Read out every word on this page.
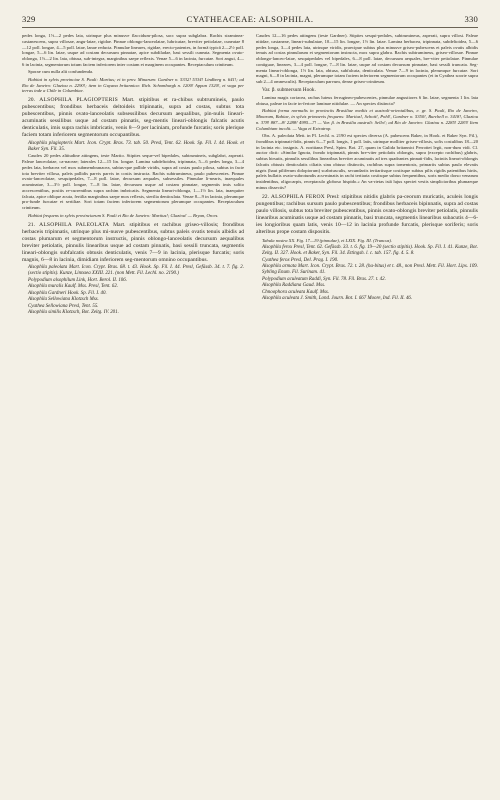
329	CYATHEACEAE: ALSOPHILA.	330

pedes longa, 1½—2 pedes lata, utrinque plus minusve flaccidum-pilosa, sacc supra subglabra. Rachis straminea-castanescens, supra villosae, angu-latae, rigidae. Pinnae oblongo-lanceolatae, lubricatae, breviter petiolatae, cuneatae 8—12 poll. longae, 4—5 poll. latae, lanae reducta. Pinnulae lineares, rigidae, erecto-patentes, in formā typicā 2—2½ poll. longae, 5—6 lin. latae, usque ad costam decursum pinnatae, apice subdiladae, basi sessili cuneata. Segmenta ovato-oblonga, 1½—2 lin. lata, obtusa, sub-integra, marginibus saepe reflexis. Venae 5—6 in lacinia, furcatae. Sori angui, 4—6 in lacinia, segmentorum totum faciem inferiorem inter costam et marginem occupantes. Receptaculum criniteum.

Sporae cum nulla alii confundenda.

Habitat in sylvis provinciae S. Pauli: Martius; et in prov. Minarum: Gardner n. 5332! 5334! Lindberg n. 641!; ad Rio de Janeiro: Glaziou n. 2290!; item in Guyana britannica: Rich. Schomburgk n. 1200! Appun 1320!, et vaga per terras inde a Chile in Columbiae.

20. ALSOPHILA PLAGIOPTERIS Mart. stipitibus et ra-chibus subtrumineis, paulo pubescentibus; frondibus herbaceis deltoideis tripinnatis, supra ad costas, subtus tota pubescentibus, pinnis ovato-lanceolatis subsessilibus decursum aequalibus, pin-nulis lineari-acuminatis sessilibus usque ad costam pinnatis, seg-mentis lineari-oblongis falcatis acutis denticulatis, imis supra rachis imbricatis, venis 8—9 per laciniam, profunde furcatis; soris plerique faciem totam inferiorem segmentorum occupantibus.

Alsophila plagiopteris Mart. Icon. Crypt. Bras. 73. tab. 50. Presl, Tent. 62. Hook. Sp. Fil. I. 44. Hook. et Baker Syn. Fil. 35.

Caudex 20 pedes altitudine attingens, teste Martio. Stipites seque-vel bipedales, subtrumineis, subglabri, asperati. Paleae lanceolatae, ca-naceae; laterales 12—15 lin. longae. Lamina subdeltoidea, tripinnata, 5—6 pedes longa, 3—4 pedes lata, herbacea vel mox submembranacea, subtus-que pallide viridis, supra ad costas paulo pilosa, subtus in facie tota breviter villosa, paleis pallidis parvis parvis in costis instructa. Rachis subtrumineus, paulo pubescentes. Pinnae ovato-lanceolatae, sesquipedales, 7—8 poll. latae, decursum aequales, subsessiles. Pinnulae li-nearis, inaequales acuminatae, 3—3½ poll. longae, 7—8 lin. latae, decursum usque ad costam pinnatae, segmentis imis solito accrescentibus, positis re-currentibus supra rachim imbricatis. Segmenta lineari-oblonga, 1—1½ lin. lata, inaequiter falcata, apice oblique acuta, fertilia marginibus saepe mox reflexis, sterilia denticulata. Venae 8—9 in lacinia, plerumque pro-funde furcatae et sertiltae. Sori totam faciem inferiorem segmentorum plerumque occupantes. Receptaculum criniteum.

Habitat frequens in sylvis provinciarum S. Pauli et Rio de Janeiro: Martius!; Glaziou! — Bryan, Orces.

21. ALSOPHILA PALEOLATA Mart. stipitibus et rachibus griseo-villosis; frondibus herbaceis tripinnatis, utrinque plus mi-nusve pubescentibus, subtus paleis ovatis tenuis albidis ad costas plumarum et segmentorum instructis, pinnis oblongo-lanceolatis decursum aequalibus breviter petiolatis, pinnulis linearibus usque ad costam pinnatis, basi sessili truncata, segmentis lineari-oblongis subfalcatis obtusis denticulatis, venis 7—9 in lacinia, plerisque furcatis; soris magnis, 6—8 in lacinia, dimidiam inferiorem seg-mentorum omnino occupantibus.

Alsophila paleolata Mart. Icon. Crypt. Bras. 68. t. 43. Hook. Sp. Fil. I. 44. Presl, Gefässb. 34. t. 7. fig. 2. (sectio stipitis). Kunze, Linnaea XXIII. 221. (non Mett. Fil. Lechl. no. 2190.)

Polypodium alsophilum Link, Hort. Berol. II. 106.

Alsophila muralis Kaulf. Mss. Presl, Tent. 62.

Alsophila Gardneri Hook. Sp. Fil. I. 40.

Alsophila Sellowiana Klotzsch Mss.

Cyathea Sellowiana Presl, Tent. 55.

Alsophila similis Klotzsch, Bot. Zeitg. IV. 201.

Caudex 12—16 pedes attingens (teste Gardner). Stipites sesqui-pedales, subtrumineus, asperati, supra villosi. Paleae nitidae, castaneae, lineari-subulatae, 10—15 lin. longae, 1½ lin. latae. Lamina herbacea, tripinnata, subdeltoidea, 5—6 pedes longa, 3—4 pedes lata, utrinque viridis, praecipue subtus plus minusve griseo-pubescens et paleis ovatis albidis tenuis ad costas pinnularum et segmentorum instructa, mox supra glabra. Rachis subtrumineus, griseo-villosae. Pinnae oblongo-lanceo-latae, sesquipedales vel bipedales, 6—8 poll. latae, decursum aequales, bre-viter petiolatae. Pinnulae contiguae, lineares, 3—4 poll. longae, 7—8 lin. latae, usque ad costam decursum pinnatae, basi sessili truncata. Seg-menta lineari-oblonga, 1½ lin. lata, obtusa, subfalcata, denticulata. Venae 7—9 in lacinia, plerumque furcatae. Sori magni, 6—8 in lacinia, magni, plerumque totam faciem inferiorem segmentorum occupantes (et in Cyathea soorie supra sub 2—4 omnesculis). Receptaculum parvum, dense griseo-criniteum.

Var. β. submersum Hook.

Lamina magis coriacea, rachus luteus ferrugineo-pubescentes, pinnulae angustiores 6 lin. latae, segmenta 1 lin. lata obtusa, paleae in facie in-feriore laminae nitidulae. — An species distincta?

Habitat forma normalis in provinciis Brasiliae mediis et australi-orientalibus, e. gr. S. Pauli, Rio de Janeiro, Minarum, Bahiae, in sylvis primaevis frequens: Martius!, Schott!, Pohl!, Gardner n. 5350!, Burchell n. 3418!, Glaziou n. 378! 887—8! 2288! 4995—7! — Var. β. in Brasilia australi: Sello!; ad Rio de Janeiro: Glaziou n. 2285! 2283! Item Columbiam incolit. — Vaga et Extratrop.

Obs. A. paleolata Mett. in Pl. Lechl. n. 2190 est species diversa (A. pubescens Baker, in Hook. et Baker Syn. Fil.), frondibus tripinnati-fidis, pinnis 6—7 poll. longis, 1 poll. latis, utrinque molliter griseo-villosis, sofis costulibus 18—20 in lacinia etc. insignis. A. noritiana Presl, Spim. Bot. 27, quam in Gulida britannici Perrottet legit, non-dum vidi. Cl. auctor dicit: »Similar Ignota, frondo tripinnatā, pinnis bre-viter petiolatis oblongis, supra (excepto rachibus) glabris, subtus hirsutis, pinnulis sessilibus linearibus breviter acuminatis ad tres quadrantes pinnati-fidis, laciniis lineari-oblongis falcatis obtusis denticulatis ciliatis sinu obtuso distinctis, rachibus supra tomentosis, primariis subtus paulo elevatis nigris (haut piliferum dolopiorum) scabriusculis, secundariis tertiariisque costisque subtus pilis rigidis patentibus hirtis, paleis bullatis ovato-subrotundis acu-minatis in rachi tertiaria costisque subtus frequentibus, soris medio dorso venarum insidentibus, oligocarpis, receptaculo globoso hispido.« An va-rietas istā lujus speciei vestis simplicioribus plumaeque minus dissectis?

22. ALSOPHILA FEROX Presl: stipitibus nitidis glabris pa-ceorum muricatis, aculeis longis pungentibus; rachibus sursum paulo pubescentibus; frondibus herbaceis bipinnatis, supra ad costas paulo villosis, subtus tota breviter pubescentibus, pinnis ovato-oblongis breviter petiolatis, pinnulis linearibus acuminatis usque ad costam pinnatis, basi truncata, segmentis linearibus subacutis 4—6-ies longioribus quam latis, venis 10—12 in lacinia profunde furcatis, plerisque soriferis; soris alteribus prope costam dispositis.

Tabula nostra XX. Fig. 17—19 (pinnulae), et LXIX. Fig. III. (Truncus).

Alsophila ferox Presl, Tent. 62. Gefässb. 33. t. 6. fig. 19—20 (sectio stipitis). Hook. Sp. Fil. I. 41. Kunze, Bot. Zeitg. II. 327. Hook. et Baker, Syn. Fil. 34. Ettingsh. l. c. tab. 157. fig. 4. 5. 8.

Cyathea ferox Presl, Del. Prag. I. 190.

Alsophila armata Mart. Icon. Crypt. Bras. 72. t. 28. (ha-bitus) et t. 48., non Presl. Mett. Fil. Hort. Lips. 109. Sybling Enum. Fil. Surinam. 41.

Polypodium aculeatum Raddi, Syn. Fil. 78. Fil. Bras. 27. t. 42.

Alsophila Raddiana Gaud. Mss.

Chnoophora aculeata Kaulf. Mss.

Alsophila aculeata J. Smith, Lond. Journ. Bot. I. 667 Moore, Ind. Fil. II. 46.
